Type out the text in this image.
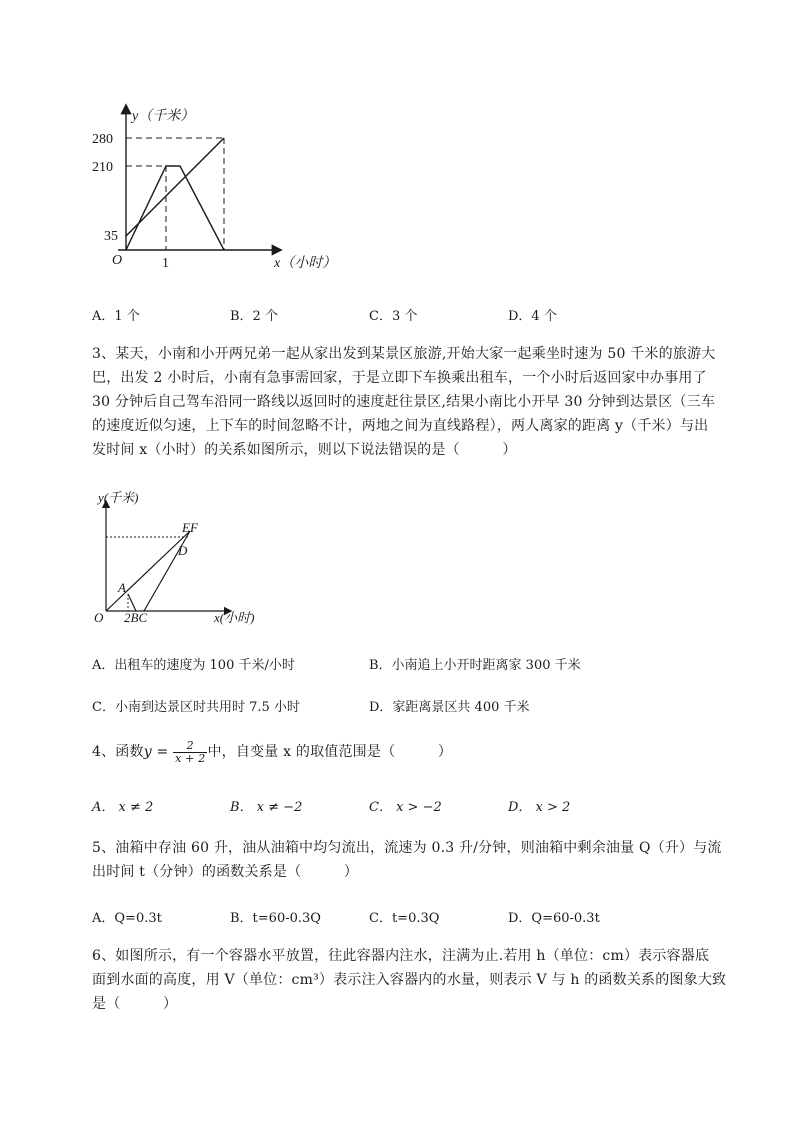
y（千米）
x（小时）
O
280
210
35
1
A．1 个	B．2 个	C．3 个	D．4 个

3、某天，小南和小开两兄弟一起从家出发到某景区旅游,开始大家一起乘坐时速为 50 千米的旅游大

巴，出发 2 小时后，小南有急事需回家，于是立即下车换乘出租车，一个小时后返回家中办事用了

30 分钟后自己驾车沿同一路线以返回时的速度赶往景区,结果小南比小开早 30 分钟到达景区（三车

的速度近似匀速，上下车的时间忽略不计，两地之间为直线路程），两人离家的距离 y（千米）与出

发时间 x（小时）的关系如图所示，则以下说法错误的是（　　　）

y(千米)
x(小时)
O
A
D
EF
2BC
A．出租车的速度为 100 千米/小时	B．小南追上小开时距离家 300 千米
C．小南到达景区时共用时 7.5 小时	D．家距离景区共 400 千米

4、函数$y = \frac{2}{x + 2}$ 中，自变量 x 的取值范围是（　　　）

A． x ≠ 2	B． x ≠ −2	C． x > −2	D． x > 2

5、油箱中存油 60 升，油从油箱中均匀流出，流速为 0.3 升/分钟，则油箱中剩余油量 Q（升）与流

出时间 t（分钟）的函数关系是（　　　）

A．Q=0.3t	B．t=60-0.3Q	C．t=0.3Q	D．Q=60-0.3t

6、如图所示，有一个容器水平放置，往此容器内注水，注满为止.若用 h（单位：cm）表示容器底

面到水面的高度，用 V（单位：cm³）表示注入容器内的水量，则表示 V 与 h 的函数关系的图象大致

是（　　　）
